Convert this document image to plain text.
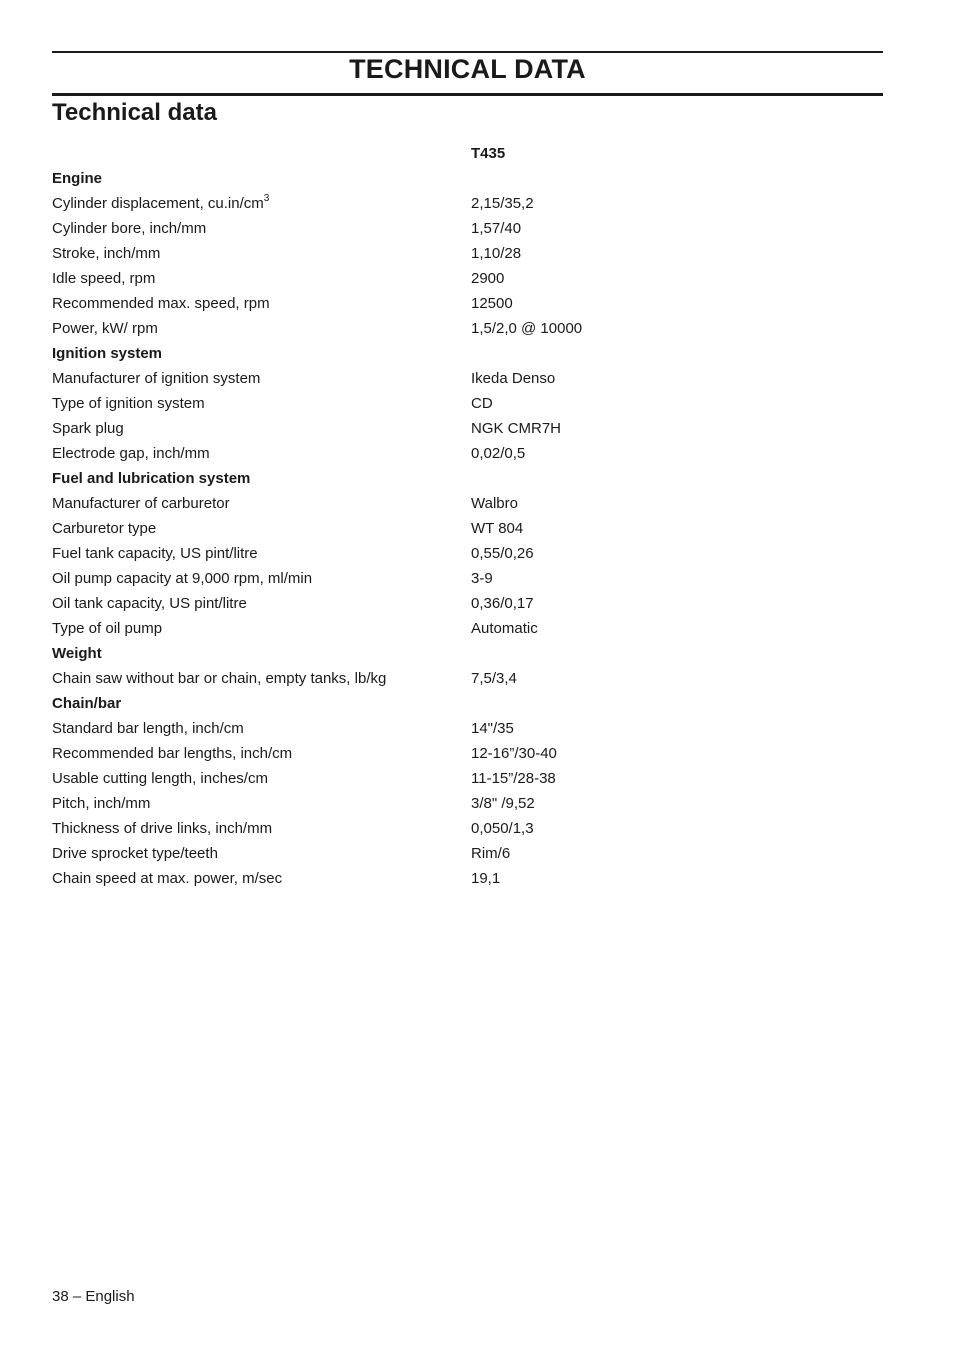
TECHNICAL DATA
Technical data
T435
Engine
Cylinder displacement, $cu.in/cm^3$	2,15/35,2
Cylinder bore, inch/mm	1,57/40
Stroke, inch/mm	1,10/28
Idle speed, rpm	2900
Recommended max. speed, rpm	12500
Power, kW/ rpm	1,5/2,0 @ 10000
Ignition system
Manufacturer of ignition system	Ikeda Denso
Type of ignition system	CD
Spark plug	NGK CMR7H
Electrode gap, inch/mm	0,02/0,5
Fuel and lubrication system
Manufacturer of carburetor	Walbro
Carburetor type	WT 804
Fuel tank capacity, US pint/litre	0,55/0,26
Oil pump capacity at 9,000 rpm, ml/min	3-9
Oil tank capacity, US pint/litre	0,36/0,17
Type of oil pump	Automatic
Weight
Chain saw without bar or chain, empty tanks, lb/kg	7,5/3,4
Chain/bar
Standard bar length, inch/cm	14"/35
Recommended bar lengths, inch/cm	12-16”/30-40
Usable cutting length, inches/cm	11-15”/28-38
Pitch, inch/mm	3/8" /9,52
Thickness of drive links, inch/mm	0,050/1,3
Drive sprocket type/teeth	Rim/6
Chain speed at max. power, m/sec	19,1
38 – English
